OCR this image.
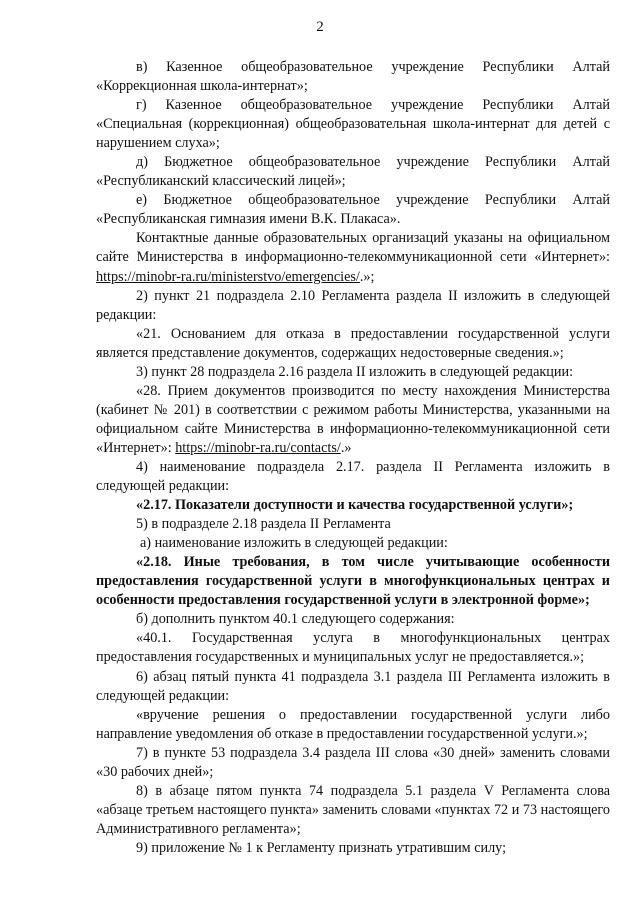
2

в) Казенное общеобразовательное учреждение Республики Алтай «Коррекционная школа-интернат»;

г) Казенное общеобразовательное учреждение Республики Алтай «Специальная (коррекционная) общеобразовательная школа-интернат для детей с нарушением слуха»;

д) Бюджетное общеобразовательное учреждение Республики Алтай «Республиканский классический лицей»;

е) Бюджетное общеобразовательное учреждение Республики Алтай «Республиканская гимназия имени В.К. Плакаса».

Контактные данные образовательных организаций указаны на официальном сайте Министерства в информационно-телекоммуникационной сети «Интернет»: https://minobr-ra.ru/ministerstvo/emergencies/.»;

2) пункт 21 подраздела 2.10 Регламента раздела II изложить в следующей редакции:

«21. Основанием для отказа в предоставлении государственной услуги является представление документов, содержащих недостоверные сведения.»;

3) пункт 28 подраздела 2.16 раздела II изложить в следующей редакции:

«28. Прием документов производится по месту нахождения Министерства (кабинет № 201) в соответствии с режимом работы Министерства, указанными на официальном сайте Министерства в информационно-телекоммуникационной сети «Интернет»: https://minobr-ra.ru/contacts/.»

4) наименование подраздела 2.17. раздела II Регламента изложить в следующей редакции:

«2.17. Показатели доступности и качества государственной услуги»;

5) в подразделе 2.18 раздела II Регламента

а) наименование изложить в следующей редакции:

«2.18. Иные требования, в том числе учитывающие особенности предоставления государственной услуги в многофункциональных центрах и особенности предоставления государственной услуги в электронной форме»;

б) дополнить пунктом 40.1 следующего содержания:

«40.1. Государственная услуга в многофункциональных центрах предоставления государственных и муниципальных услуг не предоставляется.»;

6) абзац пятый пункта 41 подраздела 3.1 раздела III Регламента изложить в следующей редакции:

«вручение решения о предоставлении государственной услуги либо направление уведомления об отказе в предоставлении государственной услуги.»;

7) в пункте 53 подраздела 3.4 раздела III слова «30 дней» заменить словами «30 рабочих дней»;

8) в абзаце пятом пункта 74 подраздела 5.1 раздела V Регламента слова «абзаце третьем настоящего пункта» заменить словами «пунктах 72 и 73 настоящего Административного регламента»;

9) приложение № 1 к Регламенту признать утратившим силу;
